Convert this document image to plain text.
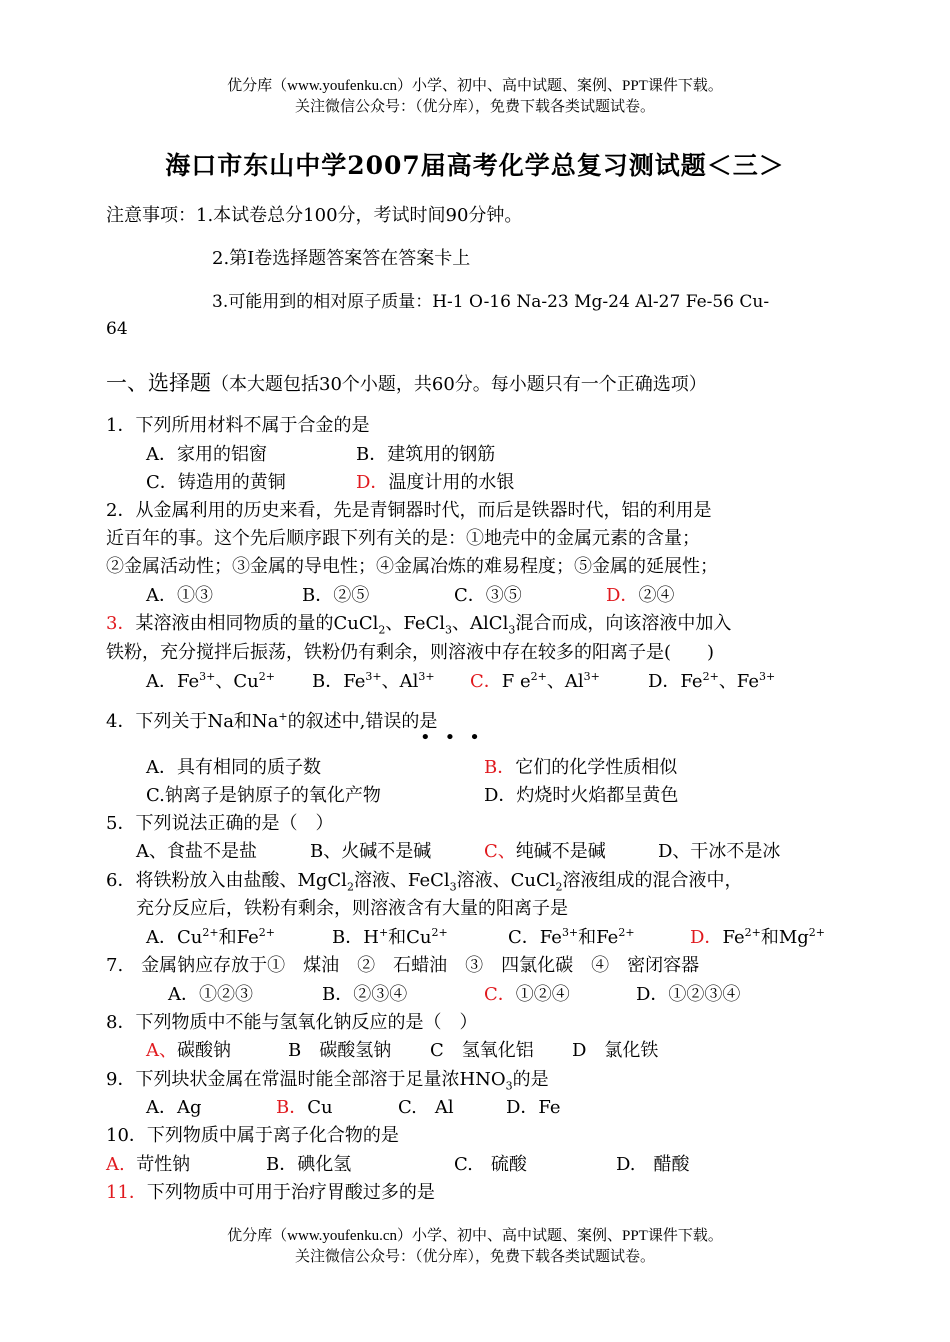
优分库（www.youfenku.cn）小学、初中、高中试题、案例、PPT课件下载。
关注微信公众号：（优分库），免费下载各类试题试卷。
海口市东山中学2007届高考化学总复习测试题＜三＞
注意事项：1.本试卷总分100分，考试时间90分钟。
2.第Ⅰ卷选择题答案答在答案卡上
3.可能用到的相对原子质量：H-1 O-16 Na-23 Mg-24 Al-27 Fe-56 Cu-
64
一、选择题（本大题包括30个小题，共60分。每小题只有一个正确选项）
1．下列所用材料不属于合金的是
A．家用的铝窗	B．建筑用的钢筋
C．铸造用的黄铜	D．温度计用的水银
2．从金属利用的历史来看，先是青铜器时代，而后是铁器时代，铝的利用是
近百年的事。这个先后顺序跟下列有关的是：①地壳中的金属元素的含量；
②金属活动性；③金属的导电性；④金属冶炼的难易程度；⑤金属的延展性；
A．①③	B．②⑤	C．③⑤	D．②④
3．某溶液由相同物质的量的CuCl$_2$、FeCl$_3$、AlCl$_3$混合而成，向该溶液中加入
铁粉，充分搅拌后振荡，铁粉仍有剩余，则溶液中存在较多的阳离子是(　　)
A．$Fe^{3+}$、$Cu^{2+}$ B．$Fe^{3+}$、$Al^{3+}$ C．F $e^{2+}$、$Al^{3+}$	D．$Fe^{2+}$、$Fe^{3+}$
4．下列关于Na和Na+的叙述中,错误的是
•••
A．具有相同的质子数	B．它们的化学性质相似
C.钠离子是钠原子的氧化产物	D．灼烧时火焰都呈黄色
5．下列说法正确的是（　）
A、食盐不是盐	B、火碱不是碱	C、纯碱不是碱	D、干冰不是冰
6．将铁粉放入由盐酸、MgCl$_2$溶液、FeCl$_3$溶液、CuCl$_2$溶液组成的混合液中，
充分反应后，铁粉有剩余，则溶液含有大量的阳离子是
A．$Cu^{2+}$和$Fe^{2+}$	B．H+和$Cu^{2+}$	C．$Fe^{3+}$和$Fe^{2+}$	D．$Fe^{2+}$和$Mg^{2+}$
7.　金属钠应存放于①　煤油　②　石蜡油　③　四氯化碳　④　密闭容器
A．①②③	B．②③④	C．①②④	D．①②③④
8．下列物质中不能与氢氧化钠反应的是（　）
A、碳酸钠	B　碳酸氢钠 C　氢氧化铝 D　氯化铁
9．下列块状金属在常温时能全部溶于足量浓$HNO_3$的是
A．Ag	B．Cu	C.　Al	D．Fe
10．下列物质中属于离子化合物的是
A. 苛性钠	B．碘化氢	C.　硫酸	D.　醋酸
11．下列物质中可用于治疗胃酸过多的是
优分库（www.youfenku.cn）小学、初中、高中试题、案例、PPT课件下载。
关注微信公众号：（优分库），免费下载各类试题试卷。
